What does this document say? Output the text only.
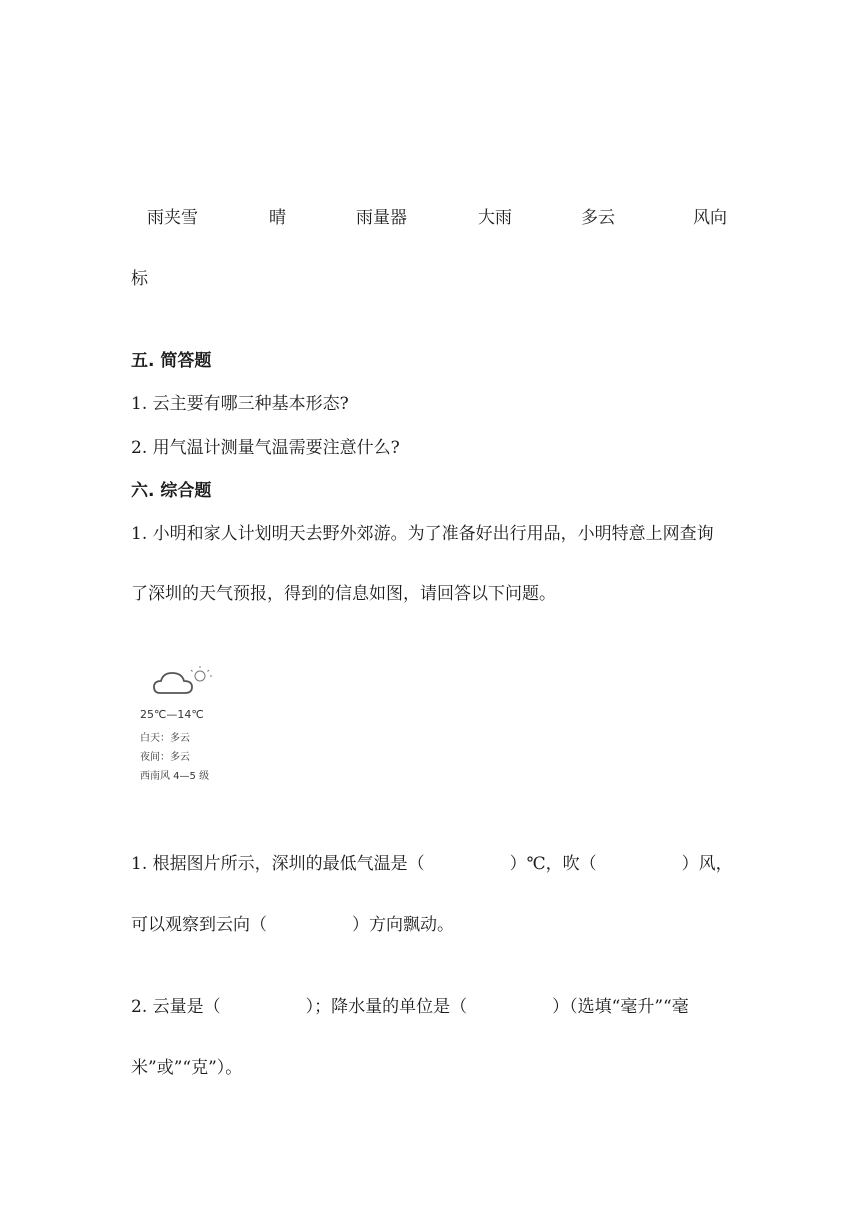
雨夹雪	晴	雨量器	大雨	多云	风向
标
五. 简答题
1. 云主要有哪三种基本形态?
2. 用气温计测量气温需要注意什么?
六. 综合题
1. 小明和家人计划明天去野外郊游。为了准备好出行用品，小明特意上网查询
了深圳的天气预报，得到的信息如图，请回答以下问题。
25℃—14℃
白天：多云
夜间：多云
西南风 4—5 级
1. 根据图片所示，深圳的最低气温是（　　　　　）℃，吹（　　　　　）风，
可以观察到云向（　　　　　）方向飘动。
2. 云量是（　　　　　）；降水量的单位是（　　　　　）（选填“毫升”“毫
米”或”“克”）。
